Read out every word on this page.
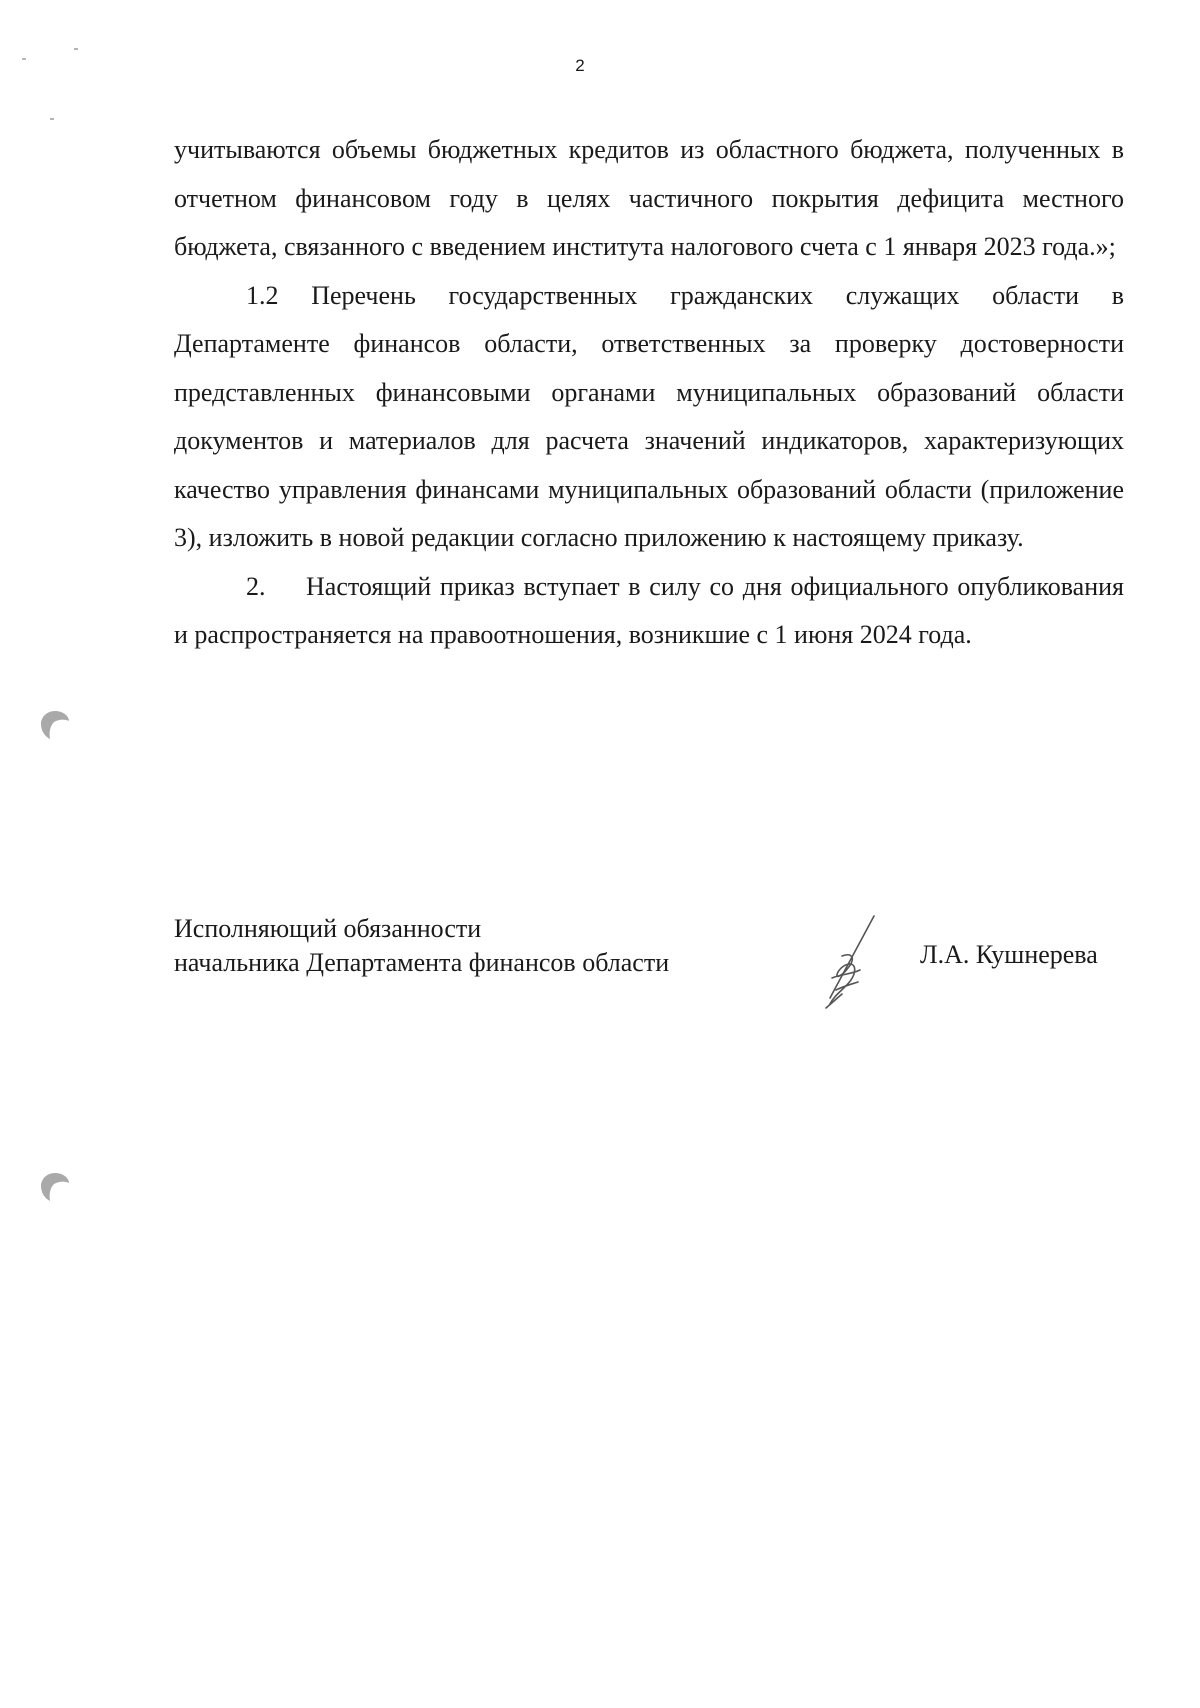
2

учитываются объемы бюджетных кредитов из областного бюджета, полученных в отчетном финансовом году в целях частичного покрытия дефицита местного бюджета, связанного с введением института налогового счета с 1 января 2023 года.»;

1.2 Перечень государственных гражданских служащих области в Департаменте финансов области, ответственных за проверку достоверности представленных финансовыми органами муниципальных образований области документов и материалов для расчета значений индикаторов, характеризующих качество управления финансами муниципальных образований области (приложение 3), изложить в новой редакции согласно приложению к настоящему приказу.

2. Настоящий приказ вступает в силу со дня официального опубликования и распространяется на правоотношения, возникшие с 1 июня 2024 года.

Исполняющий обязанности
начальника Департамента финансов области	Л.А. Кушнерева
